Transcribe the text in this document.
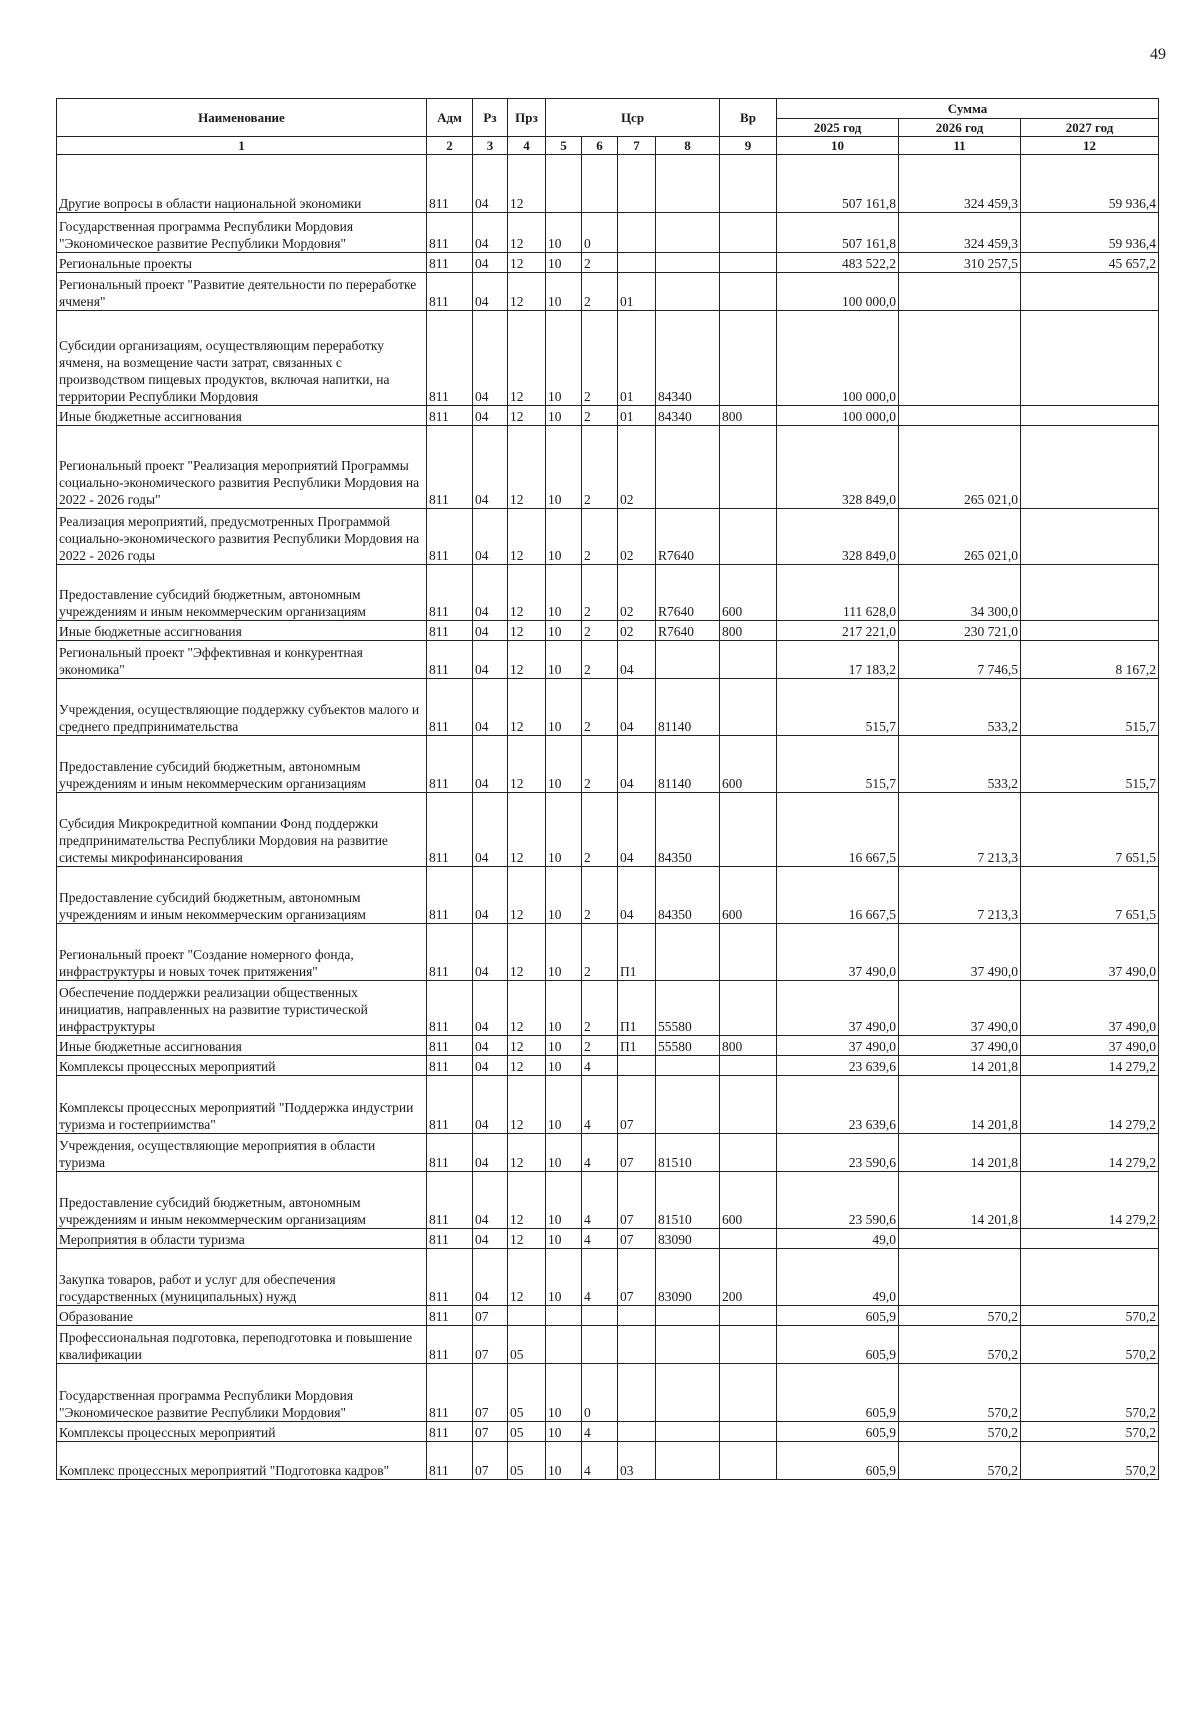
49
Наименование	Адм	Рз	Прз	Цср				Вр	Сумма		
									2025 год	2026 год	2027 год
1	2	3	4	5	6	7	8	9	10	11	12
Другие вопросы в области национальной экономики	811	04	12						507 161,8	324 459,3	59 936,4
Государственная программа Республики Мордовия "Экономическое развитие Республики Мордовия"	811	04	12	10	0				507 161,8	324 459,3	59 936,4
Региональные проекты	811	04	12	10	2				483 522,2	310 257,5	45 657,2
Региональный проект "Развитие деятельности по переработке ячменя"	811	04	12	10	2	01			100 000,0		
Субсидии организациям, осуществляющим переработку ячменя, на возмещение части затрат, связанных с производством пищевых продуктов, включая напитки, на территории Республики Мордовия	811	04	12	10	2	01	84340		100 000,0		
Иные бюджетные ассигнования	811	04	12	10	2	01	84340	800	100 000,0		
Региональный проект "Реализация мероприятий Программы социально-экономического развития Республики Мордовия на 2022 - 2026 годы"	811	04	12	10	2	02			328 849,0	265 021,0	
Реализация мероприятий, предусмотренных Программой социально-экономического развития Республики Мордовия на 2022 - 2026 годы	811	04	12	10	2	02	R7640		328 849,0	265 021,0	
Предоставление субсидий бюджетным, автономным учреждениям и иным некоммерческим организациям	811	04	12	10	2	02	R7640	600	111 628,0	34 300,0	
Иные бюджетные ассигнования	811	04	12	10	2	02	R7640	800	217 221,0	230 721,0	
Региональный проект "Эффективная и конкурентная экономика"	811	04	12	10	2	04			17 183,2	7 746,5	8 167,2
Учреждения, осуществляющие поддержку субъектов малого и среднего предпринимательства	811	04	12	10	2	04	81140		515,7	533,2	515,7
Предоставление субсидий бюджетным, автономным учреждениям и иным некоммерческим организациям	811	04	12	10	2	04	81140	600	515,7	533,2	515,7
Субсидия Микрокредитной компании Фонд поддержки предпринимательства Республики Мордовия на развитие системы микрофинансирования	811	04	12	10	2	04	84350		16 667,5	7 213,3	7 651,5
Предоставление субсидий бюджетным, автономным учреждениям и иным некоммерческим организациям	811	04	12	10	2	04	84350	600	16 667,5	7 213,3	7 651,5
Региональный проект "Создание номерного фонда, инфраструктуры и новых точек притяжения"	811	04	12	10	2	П1			37 490,0	37 490,0	37 490,0
Обеспечение поддержки реализации общественных инициатив, направленных на развитие туристической инфраструктуры	811	04	12	10	2	П1	55580		37 490,0	37 490,0	37 490,0
Иные бюджетные ассигнования	811	04	12	10	2	П1	55580	800	37 490,0	37 490,0	37 490,0
Комплексы процессных мероприятий	811	04	12	10	4				23 639,6	14 201,8	14 279,2
Комплексы процессных мероприятий "Поддержка индустрии туризма и гостеприимства"	811	04	12	10	4	07			23 639,6	14 201,8	14 279,2
Учреждения, осуществляющие мероприятия в области туризма	811	04	12	10	4	07	81510		23 590,6	14 201,8	14 279,2
Предоставление субсидий бюджетным, автономным учреждениям и иным некоммерческим организациям	811	04	12	10	4	07	81510	600	23 590,6	14 201,8	14 279,2
Мероприятия в области туризма	811	04	12	10	4	07	83090		49,0		
Закупка товаров, работ и услуг для обеспечения государственных (муниципальных) нужд	811	04	12	10	4	07	83090	200	49,0		
Образование	811	07							605,9	570,2	570,2
Профессиональная подготовка, переподготовка и повышение квалификации	811	07	05						605,9	570,2	570,2
Государственная программа Республики Мордовия "Экономическое развитие Республики Мордовия"	811	07	05	10	0				605,9	570,2	570,2
Комплексы процессных мероприятий	811	07	05	10	4				605,9	570,2	570,2
Комплекс процессных мероприятий "Подготовка кадров"	811	07	05	10	4	03			605,9	570,2	570,2
